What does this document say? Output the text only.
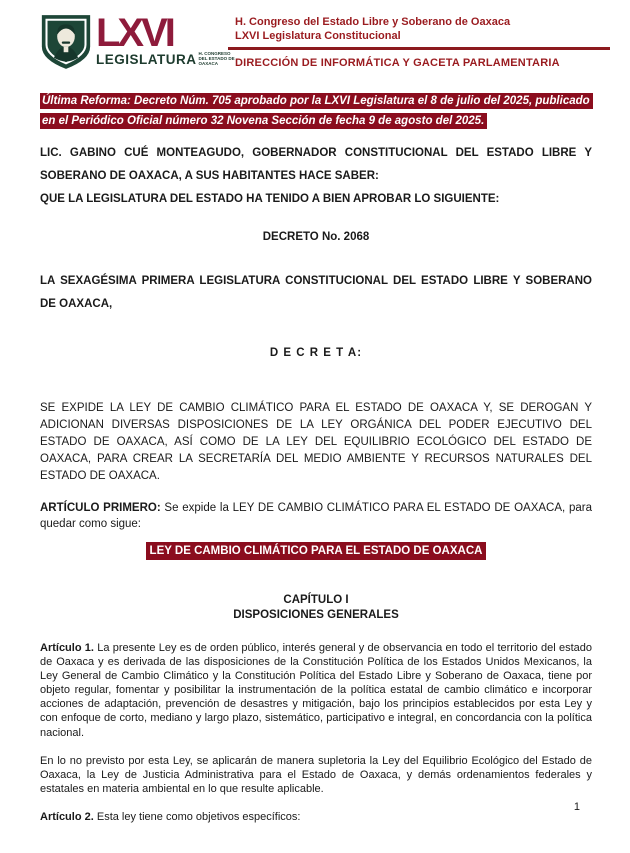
LXVI
LEGISLATURA H. CONGRESO DEL ESTADO DE OAXACA
H. Congreso del Estado Libre y Soberano de Oaxaca
LXVI Legislatura Constitucional
DIRECCIÓN DE INFORMÁTICA Y GACETA PARLAMENTARIA

Última Reforma: Decreto Núm. 705 aprobado por la LXVI Legislatura el 8 de julio del 2025, publicado en el Periódico Oficial número 32 Novena Sección de fecha 9 de agosto del 2025.

LIC. GABINO CUÉ MONTEAGUDO, GOBERNADOR CONSTITUCIONAL DEL ESTADO LIBRE Y SOBERANO DE OAXACA, A SUS HABITANTES HACE SABER:
QUE LA LEGISLATURA DEL ESTADO HA TENIDO A BIEN APROBAR LO SIGUIENTE:

DECRETO No. 2068

LA SEXAGÉSIMA PRIMERA LEGISLATURA CONSTITUCIONAL DEL ESTADO LIBRE Y SOBERANO DE OAXACA,

D E C R E T A:

SE EXPIDE LA LEY DE CAMBIO CLIMÁTICO PARA EL ESTADO DE OAXACA Y, SE DEROGAN Y ADICIONAN DIVERSAS DISPOSICIONES DE LA LEY ORGÁNICA DEL PODER EJECUTIVO DEL ESTADO DE OAXACA, ASÍ COMO DE LA LEY DEL EQUILIBRIO ECOLÓGICO DEL ESTADO DE OAXACA, PARA CREAR LA SECRETARÍA DEL MEDIO AMBIENTE Y RECURSOS NATURALES DEL ESTADO DE OAXACA.

ARTÍCULO PRIMERO: Se expide la LEY DE CAMBIO CLIMÁTICO PARA EL ESTADO DE OAXACA, para quedar como sigue:

LEY DE CAMBIO CLIMÁTICO PARA EL ESTADO DE OAXACA

CAPÍTULO I
DISPOSICIONES GENERALES

Artículo 1. La presente Ley es de orden público, interés general y de observancia en todo el territorio del estado de Oaxaca y es derivada de las disposiciones de la Constitución Política de los Estados Unidos Mexicanos, la Ley General de Cambio Climático y la Constitución Política del Estado Libre y Soberano de Oaxaca, tiene por objeto regular, fomentar y posibilitar la instrumentación de la política estatal de cambio climático e incorporar acciones de adaptación, prevención de desastres y mitigación, bajo los principios establecidos por esta Ley y con enfoque de corto, mediano y largo plazo, sistemático, participativo e integral, en concordancia con la política nacional.

En lo no previsto por esta Ley, se aplicarán de manera supletoria la Ley del Equilibrio Ecológico del Estado de Oaxaca, la Ley de Justicia Administrativa para el Estado de Oaxaca, y demás ordenamientos federales y estatales en materia ambiental en lo que resulte aplicable.

Artículo 2. Esta ley tiene como objetivos específicos:

1
